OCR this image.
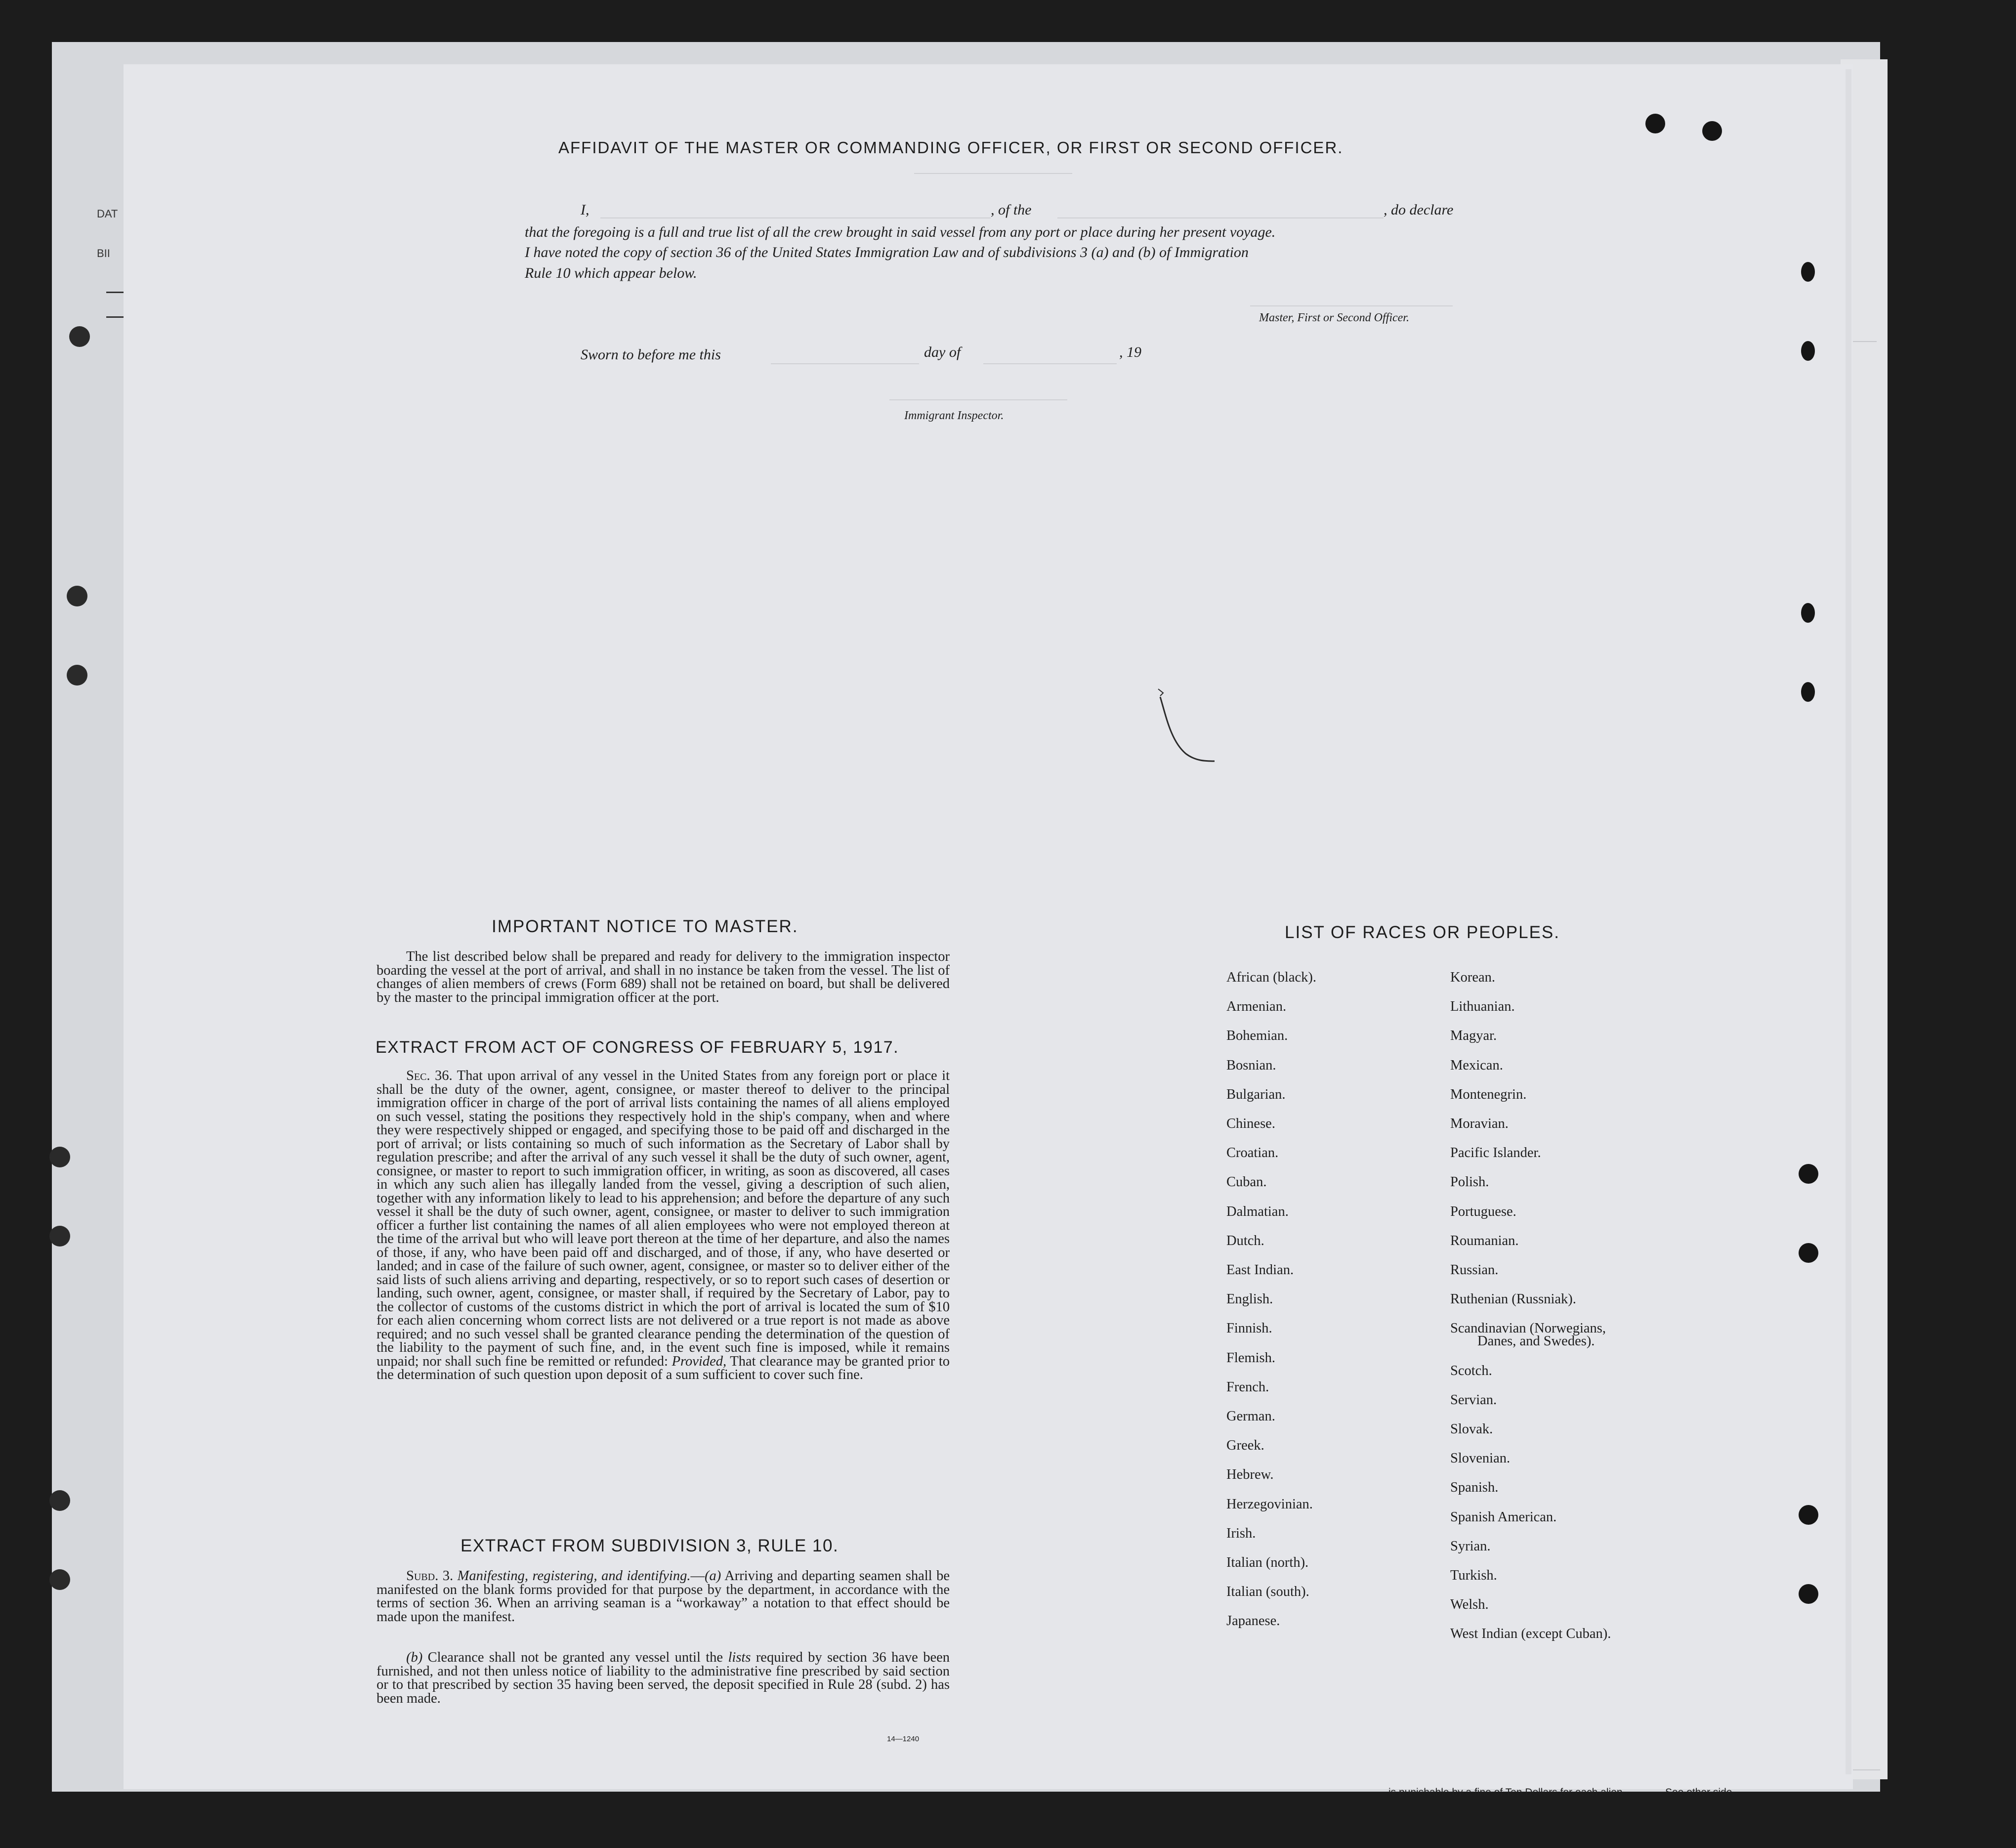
DAT
BII
AFFIDAVIT OF THE MASTER OR COMMANDING OFFICER, OR FIRST OR SECOND OFFICER.
I,	, of the	, do declare
that the foregoing is a full and true list of all the crew brought in said vessel from any port or place during her present voyage.
I have noted the copy of section 36 of the United States Immigration Law and of subdivisions 3 (a) and (b) of Immigration
Rule 10 which appear below.
Master, First or Second Officer.
Sworn to before me this	day of	, 19
Immigrant Inspector.
IMPORTANT NOTICE TO MASTER.
The list described below shall be prepared and ready for delivery to the immigration inspector boarding the vessel at the port of arrival, and shall in no instance be taken from the vessel. The list of changes of alien members of crews (Form 689) shall not be retained on board, but shall be delivered by the master to the principal immigration officer at the port.
EXTRACT FROM ACT OF CONGRESS OF FEBRUARY 5, 1917.
Sec. 36. That upon arrival of any vessel in the United States from any foreign port or place it shall be the duty of the owner, agent, consignee, or master thereof to deliver to the principal immigration officer in charge of the port of arrival lists containing the names of all aliens employed on such vessel, stating the positions they respectively hold in the ship's company, when and where they were respectively shipped or engaged, and specifying those to be paid off and discharged in the port of arrival; or lists containing so much of such information as the Secretary of Labor shall by regulation prescribe; and after the arrival of any such vessel it shall be the duty of such owner, agent, consignee, or master to report to such immigration officer, in writing, as soon as discovered, all cases in which any such alien has illegally landed from the vessel, giving a description of such alien, together with any information likely to lead to his apprehension; and before the departure of any such vessel it shall be the duty of such owner, agent, consignee, or master to deliver to such immigration officer a further list containing the names of all alien employees who were not employed thereon at the time of the arrival but who will leave port thereon at the time of her departure, and also the names of those, if any, who have been paid off and discharged, and of those, if any, who have deserted or landed; and in case of the failure of such owner, agent, consignee, or master so to deliver either of the said lists of such aliens arriving and departing, respectively, or so to report such cases of desertion or landing, such owner, agent, consignee, or master shall, if required by the Secretary of Labor, pay to the collector of customs of the customs district in which the port of arrival is located the sum of $10 for each alien concerning whom correct lists are not delivered or a true report is not made as above required; and no such vessel shall be granted clearance pending the determination of the question of the liability to the payment of such fine, and, in the event such fine is imposed, while it remains unpaid; nor shall such fine be remitted or refunded: Provided, That clearance may be granted prior to the determination of such question upon deposit of a sum sufficient to cover such fine.
EXTRACT FROM SUBDIVISION 3, RULE 10.
Subd. 3. Manifesting, registering, and identifying.—(a) Arriving and departing seamen shall be manifested on the blank forms provided for that purpose by the department, in accordance with the terms of section 36. When an arriving seaman is a “workaway” a notation to that effect should be made upon the manifest.
(b) Clearance shall not be granted any vessel until the lists required by section 36 have been furnished, and not then unless notice of liability to the administrative fine prescribed by said section or to that prescribed by section 35 having been served, the deposit specified in Rule 28 (subd. 2) has been made.
14—1240
LIST OF RACES OR PEOPLES.
African (black).
Armenian.
Bohemian.
Bosnian.
Bulgarian.
Chinese.
Croatian.
Cuban.
Dalmatian.
Dutch.
East Indian.
English.
Finnish.
Flemish.
French.
German.
Greek.
Hebrew.
Herzegovinian.
Irish.
Italian (north).
Italian (south).
Japanese.
Korean.
Lithuanian.
Magyar.
Mexican.
Montenegrin.
Moravian.
Pacific Islander.
Polish.
Portuguese.
Roumanian.
Russian.
Ruthenian (Russniak).
Scandinavian (Norwegians,
Danes, and Swedes).
Scotch.
Servian.
Slovak.
Slovenian.
Spanish.
Spanish American.
Syrian.
Turkish.
Welsh.
West Indian (except Cuban).
is punishable by a fine of Ten Dollars for each alien.	See other side.
